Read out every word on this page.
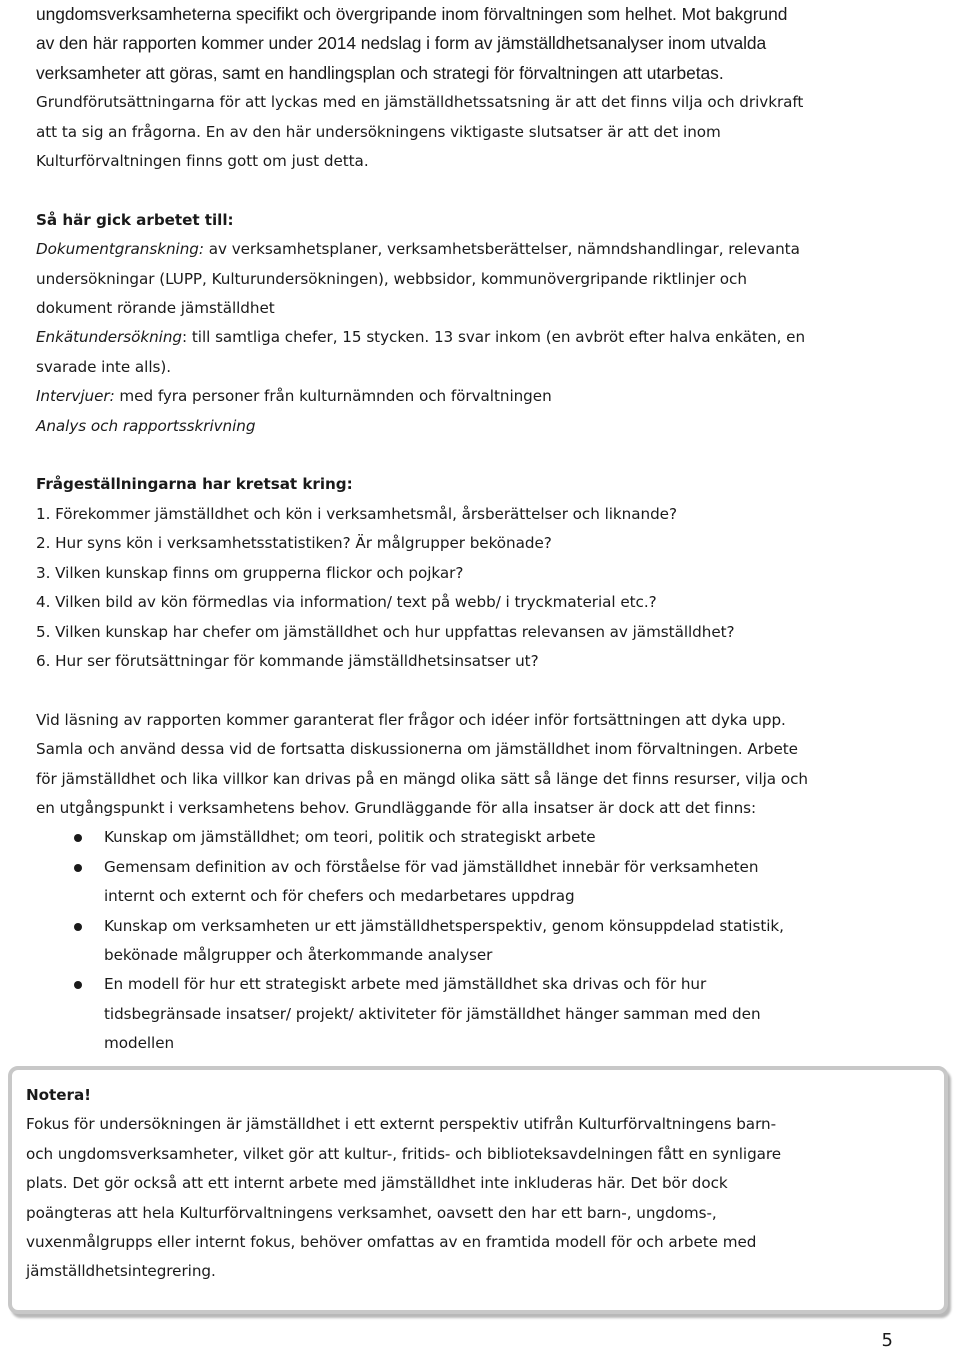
ungdomsverksamheterna specifikt och övergripande inom förvaltningen som helhet. Mot bakgrund
av den här rapporten kommer under 2014 nedslag i form av jämställdhetsanalyser inom utvalda
verksamheter att göras, samt en handlingsplan och strategi för förvaltningen att utarbetas.
Grundförutsättningarna för att lyckas med en jämställdhetssatsning är att det finns vilja och drivkraft
att ta sig an frågorna. En av den här undersökningens viktigaste slutsatser är att det inom
Kulturförvaltningen finns gott om just detta.
Så här gick arbetet till:
Dokumentgranskning: av verksamhetsplaner, verksamhetsberättelser, nämndshandlingar, relevanta
undersökningar (LUPP, Kulturundersökningen), webbsidor, kommunövergripande riktlinjer och
dokument rörande jämställdhet
Enkätundersökning: till samtliga chefer, 15 stycken. 13 svar inkom (en avbröt efter halva enkäten, en
svarade inte alls).
Intervjuer: med fyra personer från kulturnämnden och förvaltningen
Analys och rapportsskrivning
Frågeställningarna har kretsat kring:
1. Förekommer jämställdhet och kön i verksamhetsmål, årsberättelser och liknande?
2. Hur syns kön i verksamhetsstatistiken? Är målgrupper bekönade?
3. Vilken kunskap finns om grupperna flickor och pojkar?
4. Vilken bild av kön förmedlas via information/ text på webb/ i tryckmaterial etc.?
5. Vilken kunskap har chefer om jämställdhet och hur uppfattas relevansen av jämställdhet?
6. Hur ser förutsättningar för kommande jämställdhetsinsatser ut?
Vid läsning av rapporten kommer garanterat fler frågor och idéer inför fortsättningen att dyka upp.
Samla och använd dessa vid de fortsatta diskussionerna om jämställdhet inom förvaltningen. Arbete
för jämställdhet och lika villkor kan drivas på en mängd olika sätt så länge det finns resurser, vilja och
en utgångspunkt i verksamhetens behov. Grundläggande för alla insatser är dock att det finns:
Kunskap om jämställdhet; om teori, politik och strategiskt arbete
Gemensam definition av och förståelse för vad jämställdhet innebär för verksamheten
internt och externt och för chefers och medarbetares uppdrag
Kunskap om verksamheten ur ett jämställdhetsperspektiv, genom könsuppdelad statistik,
bekönade målgrupper och återkommande analyser
En modell för hur ett strategiskt arbete med jämställdhet ska drivas och för hur
tidsbegränsade insatser/ projekt/ aktiviteter för jämställdhet hänger samman med den
modellen
Notera!
Fokus för undersökningen är jämställdhet i ett externt perspektiv utifrån Kulturförvaltningens barn-
och ungdomsverksamheter, vilket gör att kultur-, fritids- och biblioteksavdelningen fått en synligare
plats. Det gör också att ett internt arbete med jämställdhet inte inkluderas här. Det bör dock
poängteras att hela Kulturförvaltningens verksamhet, oavsett den har ett barn-, ungdoms-,
vuxenmålgrupps eller internt fokus, behöver omfattas av en framtida modell för och arbete med
jämställdhetsintegrering.
5
